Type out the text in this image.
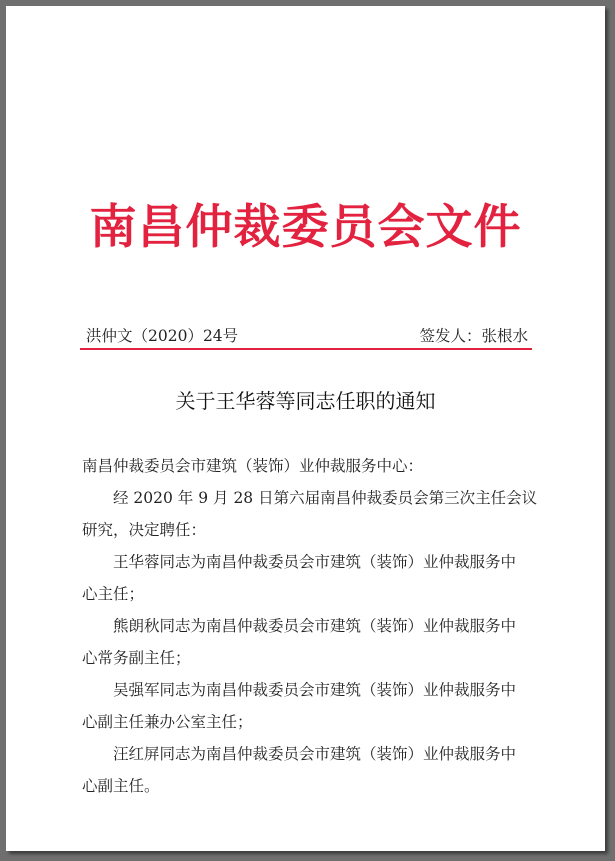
南昌仲裁委员会文件
洪仲文（2020）24号	签发人：张根水
关于王华蓉等同志任职的通知
南昌仲裁委员会市建筑（装饰）业仲裁服务中心：
经 2020 年 9 月 28 日第六届南昌仲裁委员会第三次主任会议
研究，决定聘任：
王华蓉同志为南昌仲裁委员会市建筑（装饰）业仲裁服务中
心主任；
熊朗秋同志为南昌仲裁委员会市建筑（装饰）业仲裁服务中
心常务副主任；
吴强军同志为南昌仲裁委员会市建筑（装饰）业仲裁服务中
心副主任兼办公室主任；
汪红屏同志为南昌仲裁委员会市建筑（装饰）业仲裁服务中
心副主任。
